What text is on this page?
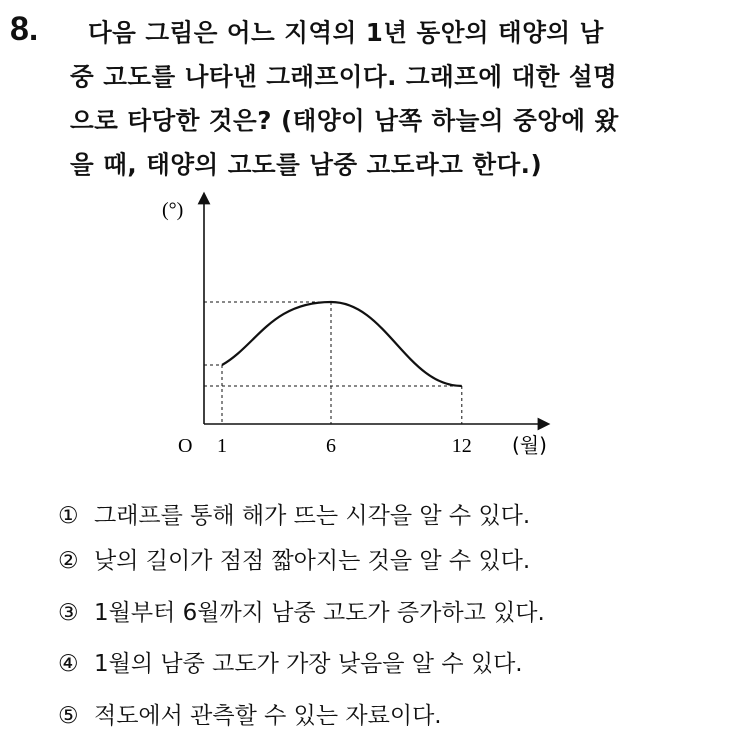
8. 다음 그림은 어느 지역의 1년 동안의 태양의 남
중 고도를 나타낸 그래프이다. 그래프에 대한 설명
으로 타당한 것은? (태양이 남쪽 하늘의 중앙에 왔
을 때, 태양의 고도를 남중 고도라고 한다.)
(°)
(월)
O 1	6	12
① 그래프를 통해 해가 뜨는 시각을 알 수 있다.
② 낮의 길이가 점점 짧아지는 것을 알 수 있다.
③ 1월부터 6월까지 남중 고도가 증가하고 있다.
④ 1월의 남중 고도가 가장 낮음을 알 수 있다.
⑤ 적도에서 관측할 수 있는 자료이다.
